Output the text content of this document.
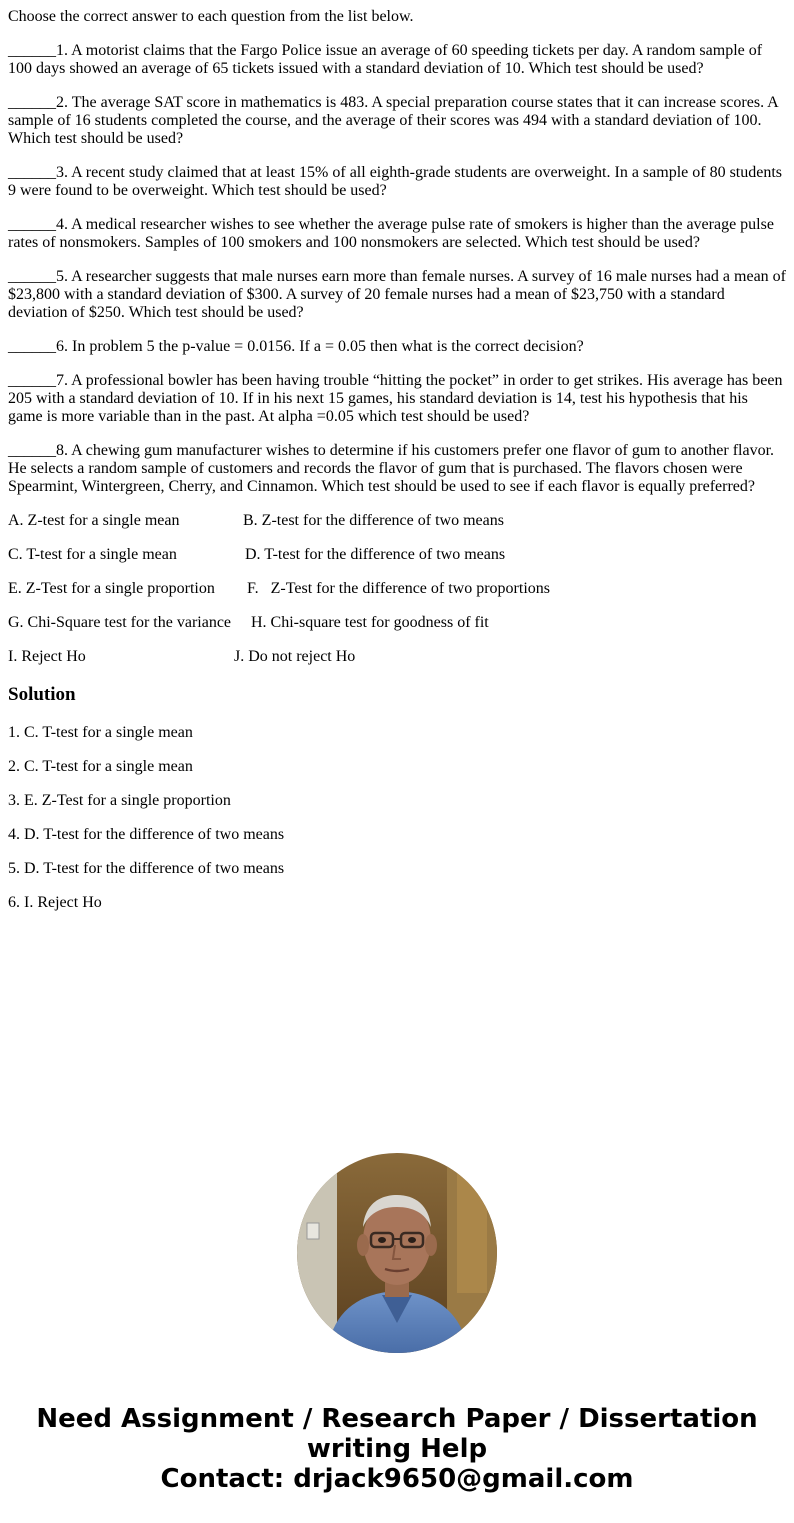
Choose the correct answer to each question from the list below.

______1. A motorist claims that the Fargo Police issue an average of 60 speeding tickets per day. A random sample of 100 days showed an average of 65 tickets issued with a standard deviation of 10. Which test should be used?

______2. The average SAT score in mathematics is 483. A special preparation course states that it can increase scores. A sample of 16 students completed the course, and the average of their scores was 494 with a standard deviation of 100. Which test should be used?

______3. A recent study claimed that at least 15% of all eighth-grade students are overweight. In a sample of 80 students 9 were found to be overweight. Which test should be used?

______4. A medical researcher wishes to see whether the average pulse rate of smokers is higher than the average pulse rates of nonsmokers. Samples of 100 smokers and 100 nonsmokers are selected. Which test should be used?

______5. A researcher suggests that male nurses earn more than female nurses. A survey of 16 male nurses had a mean of $23,800 with a standard deviation of $300. A survey of 20 female nurses had a mean of $23,750 with a standard deviation of $250. Which test should be used?

______6. In problem 5 the p-value = 0.0156. If a = 0.05 then what is the correct decision?

______7. A professional bowler has been having trouble “hitting the pocket” in order to get strikes. His average has been 205 with a standard deviation of 10. If in his next 15 games, his standard deviation is 14, test his hypothesis that his game is more variable than in the past. At alpha =0.05 which test should be used?

______8. A chewing gum manufacturer wishes to determine if his customers prefer one flavor of gum to another flavor. He selects a random sample of customers and records the flavor of gum that is purchased. The flavors chosen were Spearmint, Wintergreen, Cherry, and Cinnamon. Which test should be used to see if each flavor is equally preferred?

A. Z-test for a single mean	B. Z-test for the difference of two means
C. T-test for a single mean	D. T-test for the difference of two means
E. Z-Test for a single proportion	F.   Z-Test for the difference of two proportions
G. Chi-Square test for the variance	H. Chi-square test for goodness of fit
I. Reject Ho	J. Do not reject Ho
Solution

1. C. T-test for a single mean

2. C. T-test for a single mean

3. E. Z-Test for a single proportion

4. D. T-test for the difference of two means

5. D. T-test for the difference of two means

6. I. Reject Ho

Need Assignment / Research Paper / Dissertation
writing Help
Contact: drjack9650@gmail.com
